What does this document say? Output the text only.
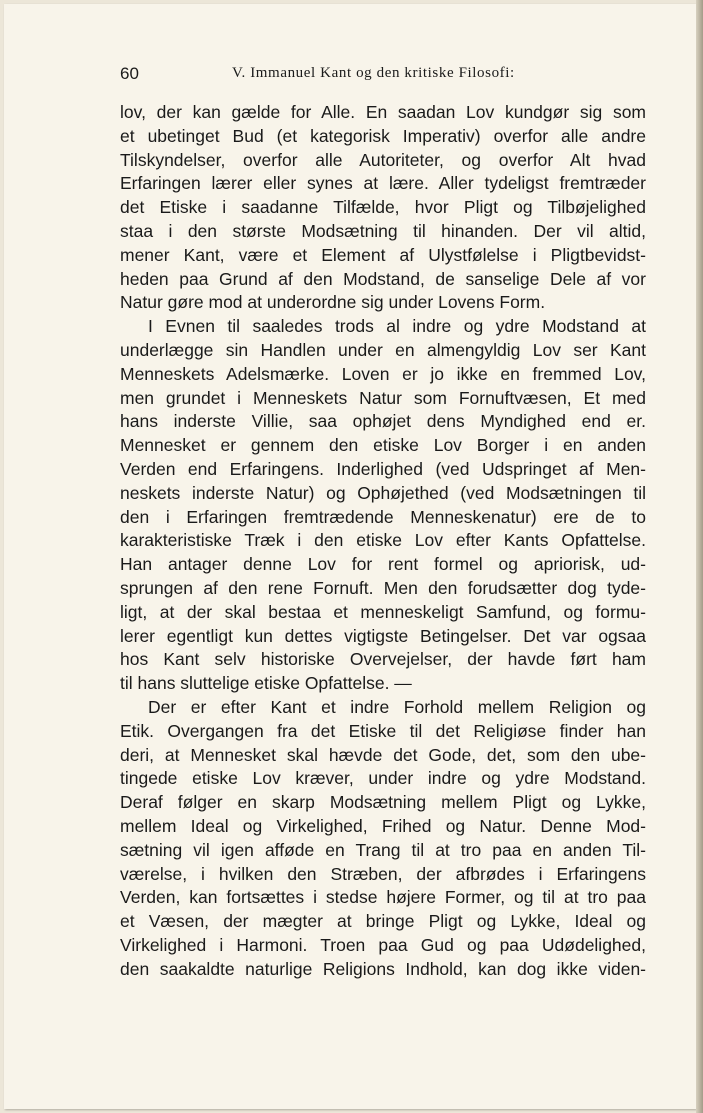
60	V. Immanuel Kant og den kritiske Filosofi:
lov, der kan gælde for Alle. En saadan Lov kundgør sig som
et ubetinget Bud (et kategorisk Imperativ) overfor alle andre
Tilskyndelser, overfor alle Autoriteter, og overfor Alt hvad
Erfaringen lærer eller synes at lære. Aller tydeligst fremtræder
det Etiske i saadanne Tilfælde, hvor Pligt og Tilbøjelighed
staa i den største Modsætning til hinanden. Der vil altid,
mener Kant, være et Element af Ulystfølelse i Pligtbevidst-
heden paa Grund af den Modstand, de sanselige Dele af vor
Natur gøre mod at underordne sig under Lovens Form.
I Evnen til saaledes trods al indre og ydre Modstand at
underlægge sin Handlen under en almengyldig Lov ser Kant
Menneskets Adelsmærke. Loven er jo ikke en fremmed Lov,
men grundet i Menneskets Natur som Fornuftvæsen, Et med
hans inderste Villie, saa ophøjet dens Myndighed end er.
Mennesket er gennem den etiske Lov Borger i en anden
Verden end Erfaringens. Inderlighed (ved Udspringet af Men-
neskets inderste Natur) og Ophøjethed (ved Modsætningen til
den i Erfaringen fremtrædende Menneskenatur) ere de to
karakteristiske Træk i den etiske Lov efter Kants Opfattelse.
Han antager denne Lov for rent formel og apriorisk, ud-
sprungen af den rene Fornuft. Men den forudsætter dog tyde-
ligt, at der skal bestaa et menneskeligt Samfund, og formu-
lerer egentligt kun dettes vigtigste Betingelser. Det var ogsaa
hos Kant selv historiske Overvejelser, der havde ført ham
til hans sluttelige etiske Opfattelse. —
Der er efter Kant et indre Forhold mellem Religion og
Etik. Overgangen fra det Etiske til det Religiøse finder han
deri, at Mennesket skal hævde det Gode, det, som den ube-
tingede etiske Lov kræver, under indre og ydre Modstand.
Deraf følger en skarp Modsætning mellem Pligt og Lykke,
mellem Ideal og Virkelighed, Frihed og Natur. Denne Mod-
sætning vil igen afføde en Trang til at tro paa en anden Til-
værelse, i hvilken den Stræben, der afbrødes i Erfaringens
Verden, kan fortsættes i stedse højere Former, og til at tro paa
et Væsen, der mægter at bringe Pligt og Lykke, Ideal og
Virkelighed i Harmoni. Troen paa Gud og paa Udødelighed,
den saakaldte naturlige Religions Indhold, kan dog ikke viden-
